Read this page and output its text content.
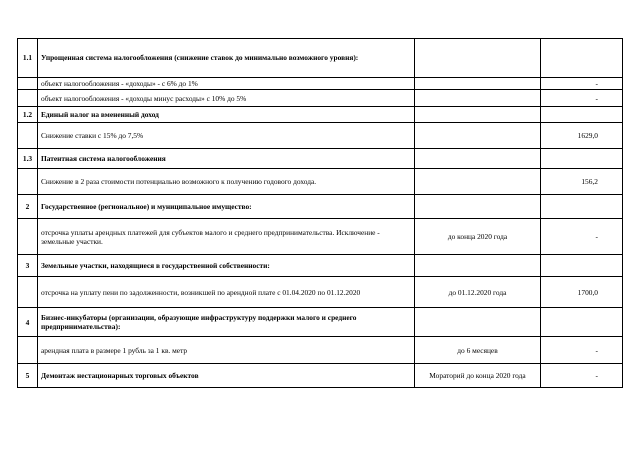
1.1	Упрощенная система налогообложения (снижение ставок до минимально возможного уровня):		
	объект налогообложения - «доходы» - с 6% до 1%		-
	объект налогообложения - «доходы минус расходы» с 10% до 5%		-
1.2	Единый налог на вмененный доход		
	Снижение ставки с 15% до 7,5%		1629,0
1.3	Патентная система налогообложения		
	Снижение в 2 раза стоимости потенциально возможного к получению годового дохода.		156,2
2	Государственное (региональное) и муниципальное имущество:		
	отсрочка уплаты арендных платежей для субъектов малого и среднего предпринимательства. Исключение - земельные участки.	до конца 2020 года	-
3	Земельные участки, находящиеся в государственной собственности:		
	отсрочка на уплату пени по задолженности, возникшей по арендной плате с 01.04.2020 по 01.12.2020	до 01.12.2020 года	1700,0
4	Бизнес-инкубаторы (организации, образующие инфраструктуру поддержки малого и среднего предпринимательства):		
	арендная плата в размере 1 рубль за 1 кв. метр	до 6 месяцев	-
5	Демонтаж нестационарных торговых объектов	Мораторий до конца 2020 года	-
